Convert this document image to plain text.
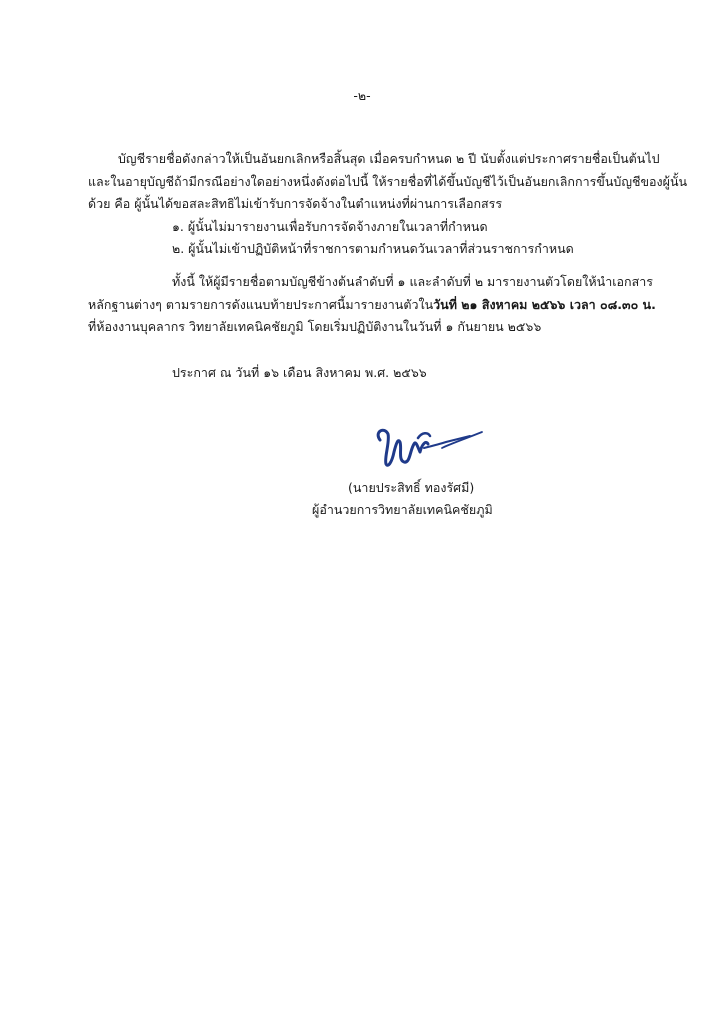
-๒-
บัญชีรายชื่อดังกล่าวให้เป็นอันยกเลิกหรือสิ้นสุด เมื่อครบกำหนด ๒ ปี นับตั้งแต่ประกาศรายชื่อเป็นต้นไป
และในอายุบัญชีถ้ามีกรณีอย่างใดอย่างหนึ่งดังต่อไปนี้ ให้รายชื่อที่ได้ขึ้นบัญชีไว้เป็นอันยกเลิกการขึ้นบัญชีของผู้นั้น
ด้วย คือ ผู้นั้นได้ขอสละสิทธิไม่เข้ารับการจัดจ้างในตำแหน่งที่ผ่านการเลือกสรร
๑. ผู้นั้นไม่มารายงานเพื่อรับการจัดจ้างภายในเวลาที่กำหนด
๒. ผู้นั้นไม่เข้าปฏิบัติหน้าที่ราชการตามกำหนดวันเวลาที่ส่วนราชการกำหนด
ทั้งนี้ ให้ผู้มีรายชื่อตามบัญชีข้างต้นลำดับที่ ๑ และลำดับที่ ๒ มารายงานตัวโดยให้นำเอกสาร
หลักฐานต่างๆ ตามรายการดังแนบท้ายประกาศนี้มารายงานตัวในวันที่ ๒๑ สิงหาคม ๒๕๖๖ เวลา ๐๘.๓๐ น.
ที่ห้องงานบุคลากร วิทยาลัยเทคนิคชัยภูมิ โดยเริ่มปฏิบัติงานในวันที่ ๑ กันยายน ๒๕๖๖
ประกาศ ณ วันที่ ๑๖ เดือน สิงหาคม พ.ศ. ๒๕๖๖
(นายประสิทธิ์ ทองรัศมี)
ผู้อำนวยการวิทยาลัยเทคนิคชัยภูมิ
